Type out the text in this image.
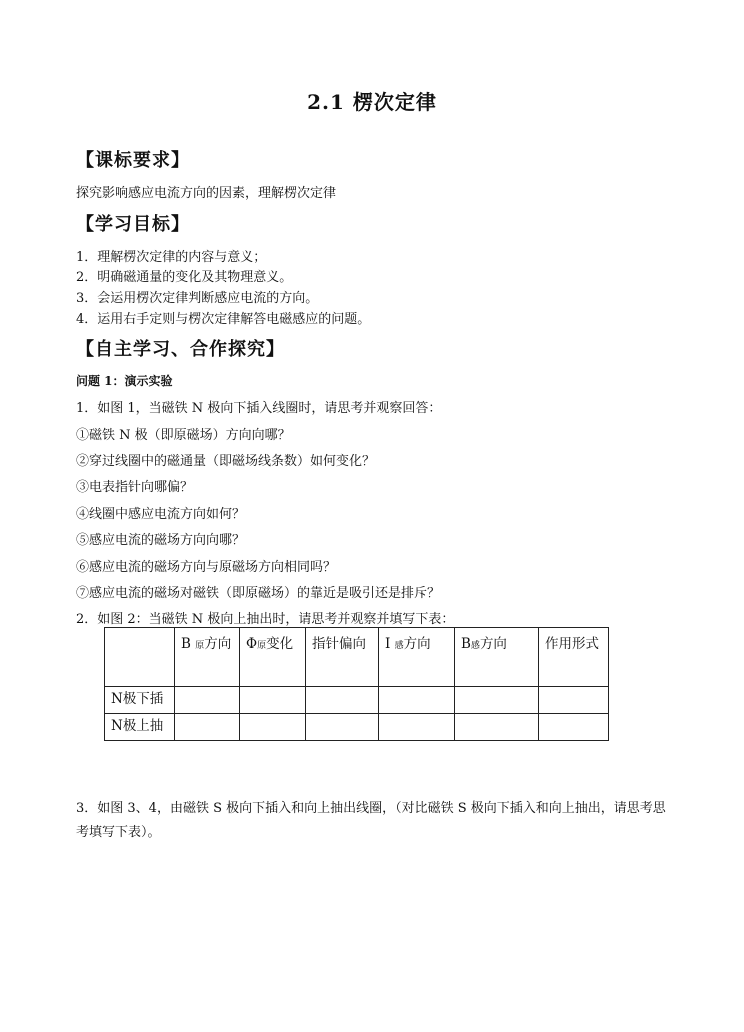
2.1 楞次定律
【课标要求】
探究影响感应电流方向的因素，理解楞次定律
【学习目标】
1．理解楞次定律的内容与意义；
2．明确磁通量的变化及其物理意义。
3．会运用楞次定律判断感应电流的方向。
4．运用右手定则与楞次定律解答电磁感应的问题。
【自主学习、合作探究】
问题 1：演示实验
1．如图 1，当磁铁 N 极向下插入线圈时，请思考并观察回答：
①磁铁 N 极（即原磁场）方向向哪？
②穿过线圈中的磁通量（即磁场线条数）如何变化？
③电表指针向哪偏？
④线圈中感应电流方向如何？
⑤感应电流的磁场方向向哪？
⑥感应电流的磁场方向与原磁场方向相同吗？
⑦感应电流的磁场对磁铁（即原磁场）的靠近是吸引还是排斥？
2．如图 2：当磁铁 N 极向上抽出时，请思考并观察并填写下表：
	B 原方向	Φ原变化	指针偏向	I 感方向	B感方向	作用形式
N极下插						
N极上抽						
3．如图 3、4，由磁铁 S 极向下插入和向上抽出线圈，（对比磁铁 S 极向下插入和向上抽出，请思考思考填写下表）。
